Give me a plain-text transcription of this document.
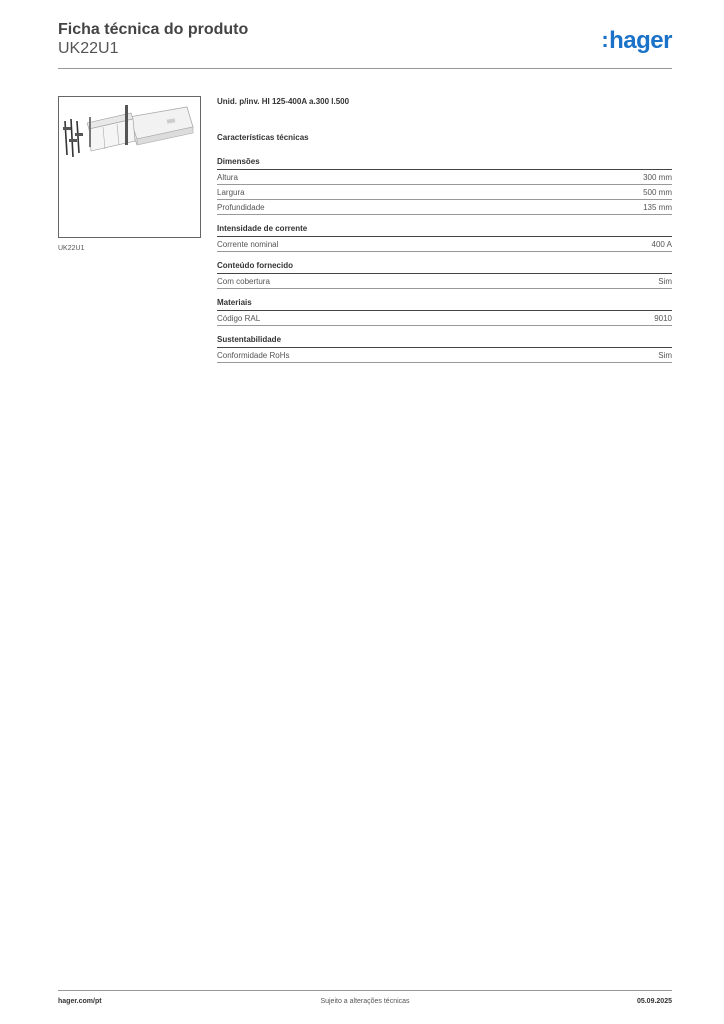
Ficha técnica do produto
UK22U1	:hager
UK22U1

Unid. p/inv. HI 125-400A a.300 l.500

Características técnicas

Dimensões
Altura	300 mm
Largura	500 mm
Profundidade	135 mm
Intensidade de corrente
Corrente nominal	400 A
Conteúdo fornecido
Com cobertura	Sim
Materiais
Código RAL	9010
Sustentabilidade
Conformidade RoHs	Sim
hager.com/pt	Sujeito a alterações técnicas	05.09.2025
